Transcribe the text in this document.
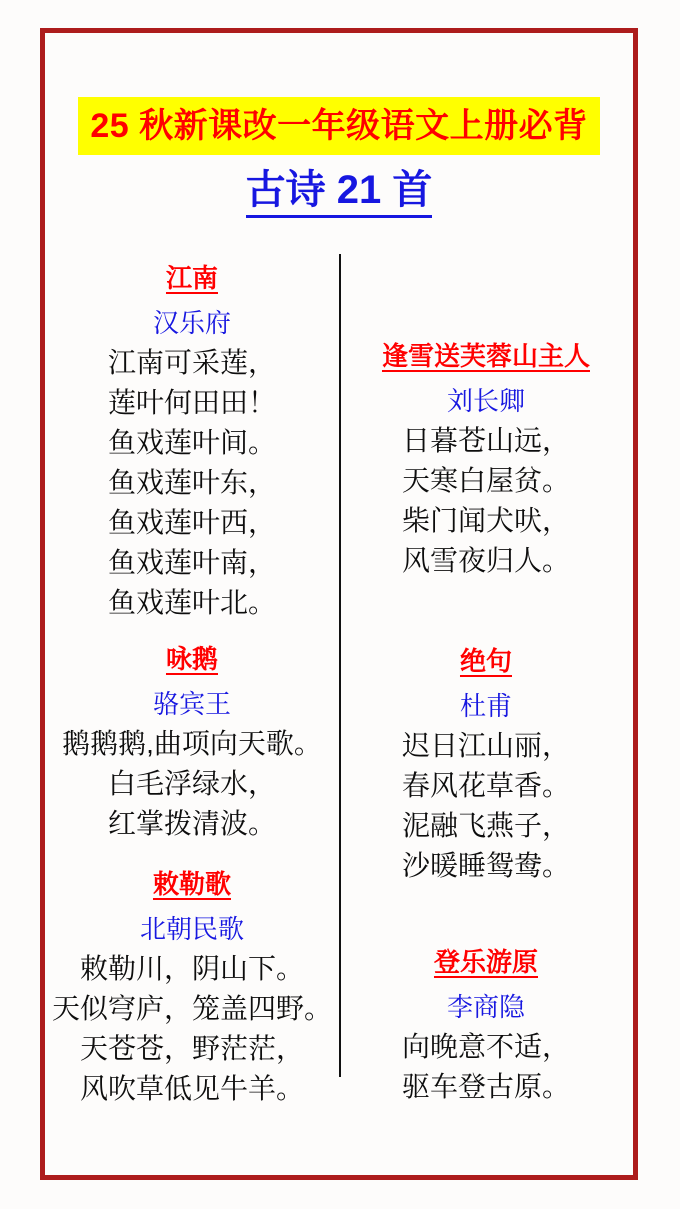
25 秋新课改一年级语文上册必背
古诗 21 首
江南
汉乐府
江南可采莲，
莲叶何田田！
鱼戏莲叶间。
鱼戏莲叶东，
鱼戏莲叶西，
鱼戏莲叶南，
鱼戏莲叶北。
咏鹅
骆宾王
鹅鹅鹅,曲项向天歌。
白毛浮绿水，
红掌拨清波。
敕勒歌
北朝民歌
敕勒川，阴山下。
天似穹庐，笼盖四野。
天苍苍，野茫茫，
风吹草低见牛羊。
逢雪送芙蓉山主人
刘长卿
日暮苍山远，
天寒白屋贫。
柴门闻犬吠，
风雪夜归人。
绝句
杜甫
迟日江山丽，
春风花草香。
泥融飞燕子，
沙暖睡鸳鸯。
登乐游原
李商隐
向晚意不适，
驱车登古原。
